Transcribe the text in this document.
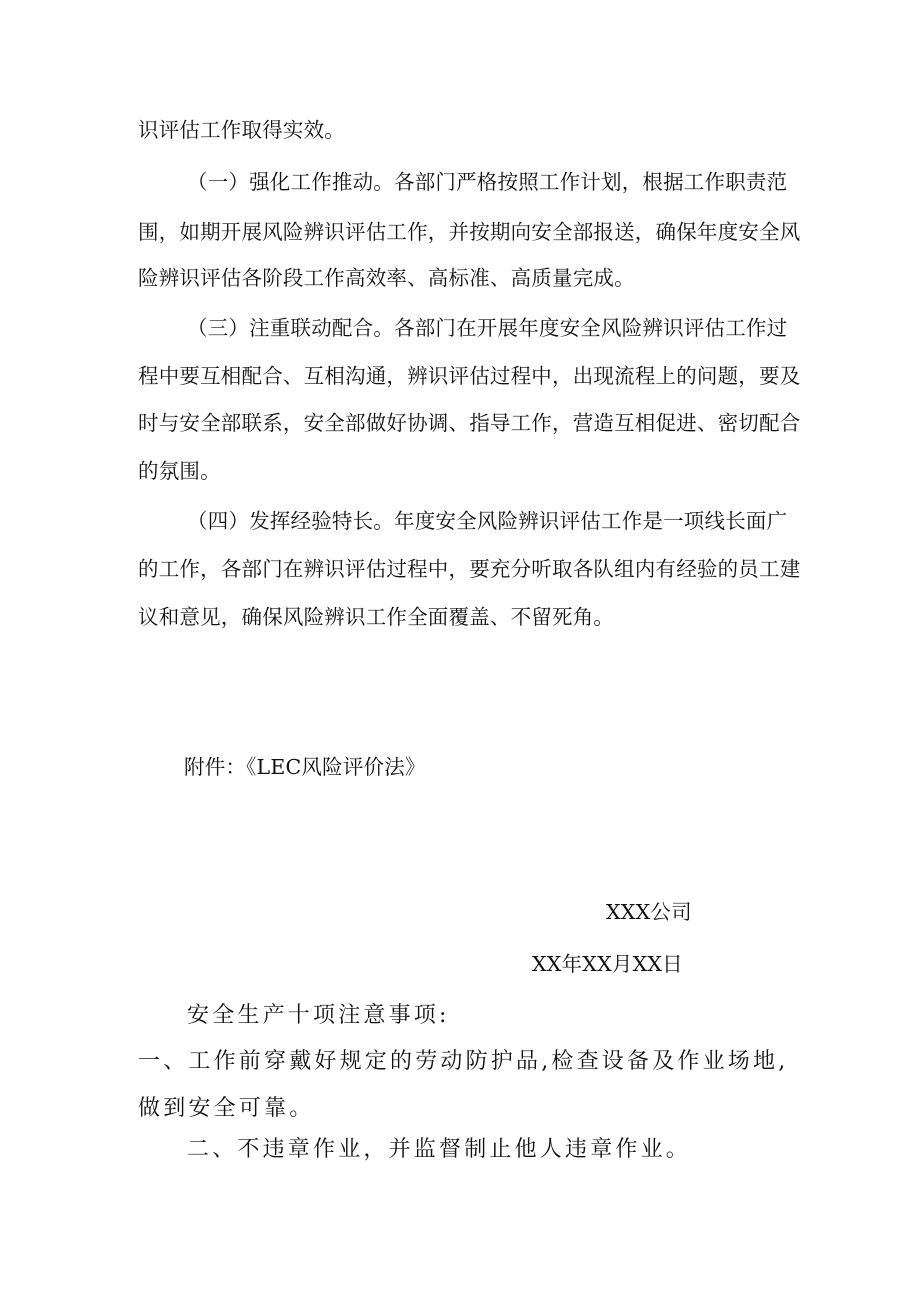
识评估工作取得实效。
（一）强化工作推动。各部门严格按照工作计划，根据工作职责范
围，如期开展风险辨识评估工作，并按期向安全部报送，确保年度安全风
险辨识评估各阶段工作高效率、高标准、高质量完成。
（三）注重联动配合。各部门在开展年度安全风险辨识评估工作过
程中要互相配合、互相沟通，辨识评估过程中，出现流程上的问题，要及
时与安全部联系，安全部做好协调、指导工作，营造互相促进、密切配合
的氛围。
（四）发挥经验特长。年度安全风险辨识评估工作是一项线长面广
的工作，各部门在辨识评估过程中，要充分听取各队组内有经验的员工建
议和意见，确保风险辨识工作全面覆盖、不留死角。
附件：《LEC风险评价法》
XXX公司
XX年XX月XX日
安全生产十项注意事项:
一、工作前穿戴好规定的劳动防护品,检查设备及作业场地,
做到安全可靠。
二、不违章作业，并监督制止他人违章作业。
